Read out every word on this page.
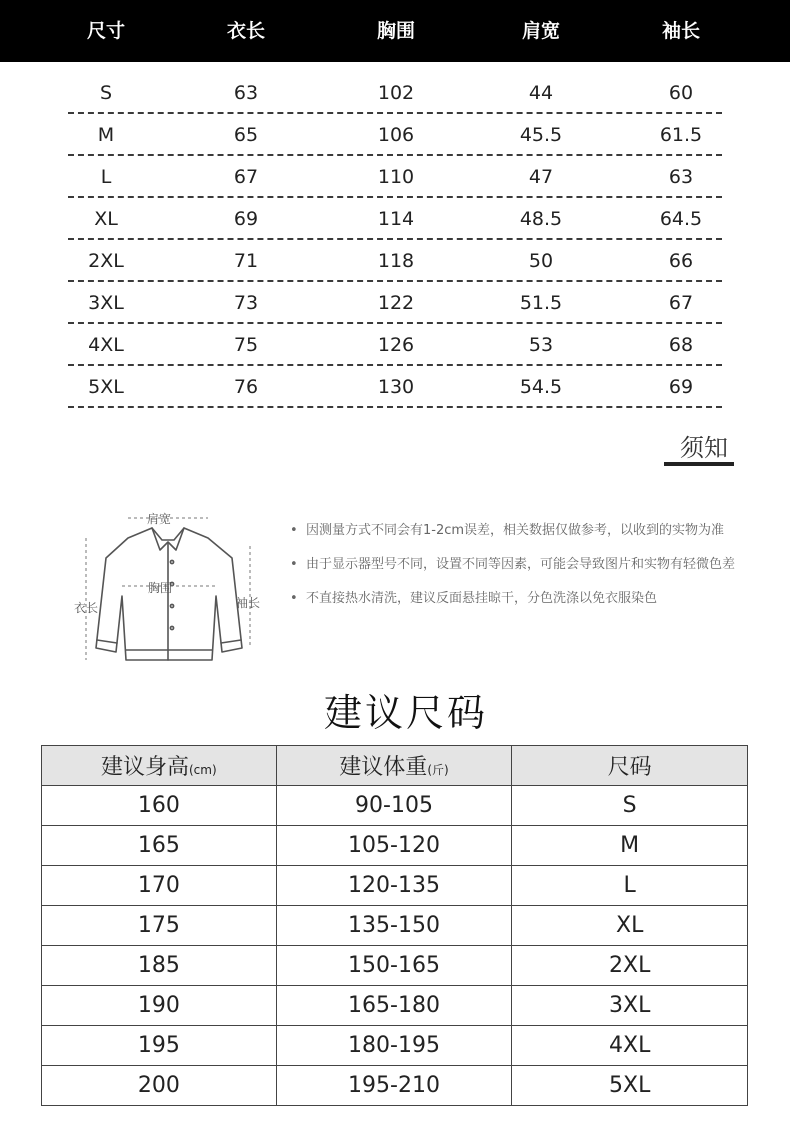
尺寸	衣长	胸围	肩宽	袖长
S	63	102	44	60
M	65	106	45.5	61.5
L	67	110	47	63
XL	69	114	48.5	64.5
2XL	71	118	50	66
3XL	73	122	51.5	67
4XL	75	126	53	68
5XL	76	130	54.5	69
须知
肩宽
胸围
衣长	袖长
• 因测量方式不同会有1-2cm误差，相关数据仅做参考，以收到的实物为准
• 由于显示器型号不同，设置不同等因素，可能会导致图片和实物有轻微色差
• 不直接热水清洗，建议反面悬挂晾干，分色洗涤以免衣服染色
建议尺码
建议身高(cm)	建议体重(斤)	尺码
160	90-105	S
165	105-120	M
170	120-135	L
175	135-150	XL
185	150-165	2XL
190	165-180	3XL
195	180-195	4XL
200	195-210	5XL
